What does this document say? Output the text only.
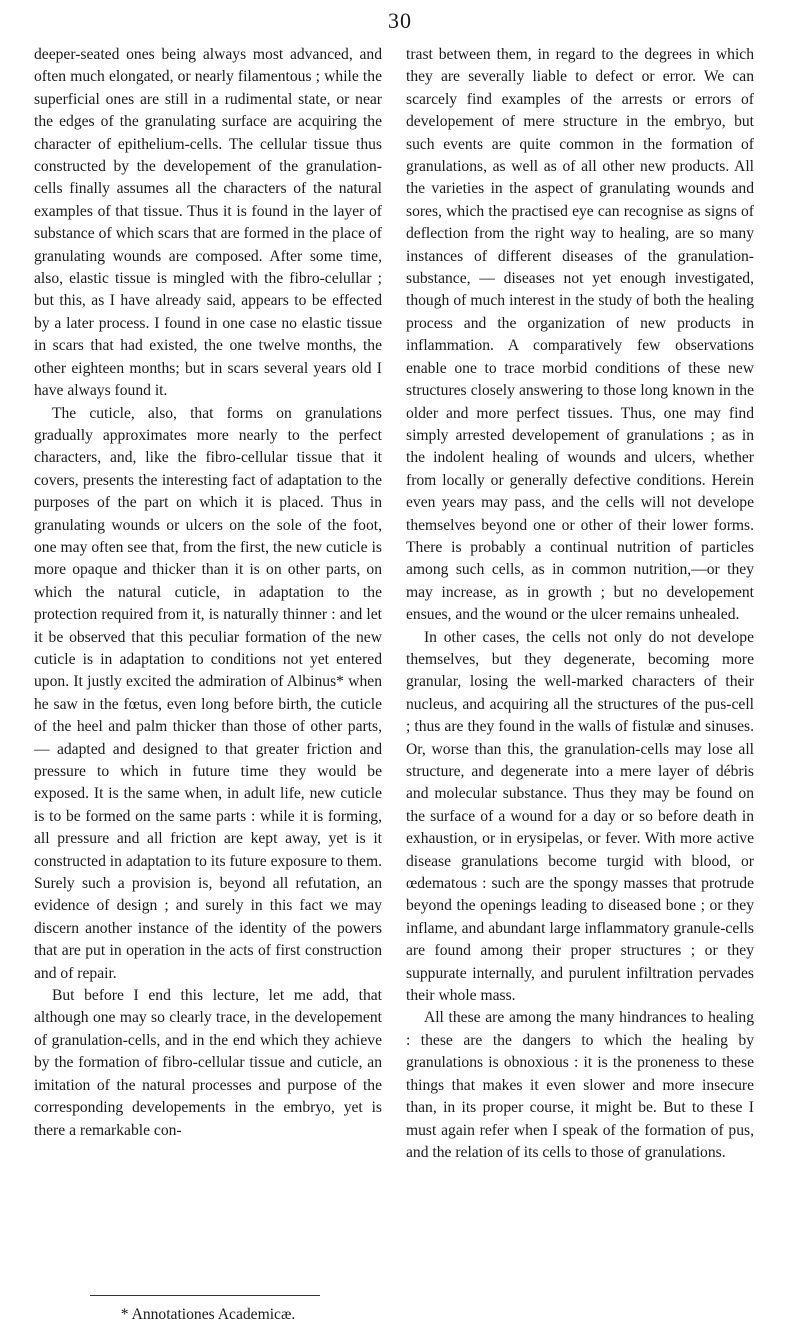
30

deeper-seated ones being always most advanced, and often much elongated, or nearly filamentous ; while the superficial ones are still in a rudimental state, or near the edges of the granulating surface are acquiring the character of epithelium-cells. The cellular tissue thus constructed by the developement of the granulation-cells finally assumes all the characters of the natural examples of that tissue. Thus it is found in the layer of substance of which scars that are formed in the place of granulating wounds are composed. After some time, also, elastic tissue is mingled with the fibro-celullar ; but this, as I have already said, appears to be effected by a later process. I found in one case no elastic tissue in scars that had existed, the one twelve months, the other eighteen months; but in scars several years old I have always found it.

The cuticle, also, that forms on granulations gradually approximates more nearly to the perfect characters, and, like the fibro-cellular tissue that it covers, presents the interesting fact of adaptation to the purposes of the part on which it is placed. Thus in granulating wounds or ulcers on the sole of the foot, one may often see that, from the first, the new cuticle is more opaque and thicker than it is on other parts, on which the natural cuticle, in adaptation to the protection required from it, is naturally thinner : and let it be observed that this peculiar formation of the new cuticle is in adaptation to conditions not yet entered upon. It justly excited the admiration of Albinus* when he saw in the fœtus, even long before birth, the cuticle of the heel and palm thicker than those of other parts,— adapted and designed to that greater friction and pressure to which in future time they would be exposed. It is the same when, in adult life, new cuticle is to be formed on the same parts : while it is forming, all pressure and all friction are kept away, yet is it constructed in adaptation to its future exposure to them. Surely such a provision is, beyond all refutation, an evidence of design ; and surely in this fact we may discern another instance of the identity of the powers that are put in operation in the acts of first construction and of repair.

But before I end this lecture, let me add, that although one may so clearly trace, in the developement of granulation-cells, and in the end which they achieve by the formation of fibro-cellular tissue and cuticle, an imitation of the natural processes and purpose of the corresponding developements in the embryo, yet is there a remarkable con-

trast between them, in regard to the degrees in which they are severally liable to defect or error. We can scarcely find examples of the arrests or errors of developement of mere structure in the embryo, but such events are quite common in the formation of granulations, as well as of all other new products. All the varieties in the aspect of granulating wounds and sores, which the practised eye can recognise as signs of deflection from the right way to healing, are so many instances of different diseases of the granulation-substance, — diseases not yet enough investigated, though of much interest in the study of both the healing process and the organization of new products in inflammation. A comparatively few observations enable one to trace morbid conditions of these new structures closely answering to those long known in the older and more perfect tissues. Thus, one may find simply arrested developement of granulations ; as in the indolent healing of wounds and ulcers, whether from locally or generally defective conditions. Herein even years may pass, and the cells will not develope themselves beyond one or other of their lower forms. There is probably a continual nutrition of particles among such cells, as in common nutrition,—or they may increase, as in growth ; but no developement ensues, and the wound or the ulcer remains unhealed.

In other cases, the cells not only do not develope themselves, but they degenerate, becoming more granular, losing the well-marked characters of their nucleus, and acquiring all the structures of the pus-cell ; thus are they found in the walls of fistulæ and sinuses. Or, worse than this, the granulation-cells may lose all structure, and degenerate into a mere layer of débris and molecular substance. Thus they may be found on the surface of a wound for a day or so before death in exhaustion, or in erysipelas, or fever. With more active disease granulations become turgid with blood, or œdematous : such are the spongy masses that protrude beyond the openings leading to diseased bone ; or they inflame, and abundant large inflammatory granule-cells are found among their proper structures ; or they suppurate internally, and purulent infiltration pervades their whole mass.

All these are among the many hindrances to healing : these are the dangers to which the healing by granulations is obnoxious : it is the proneness to these things that makes it even slower and more insecure than, in its proper course, it might be. But to these I must again refer when I speak of the formation of pus, and the relation of its cells to those of granulations.

* Annotationes Academicæ.
